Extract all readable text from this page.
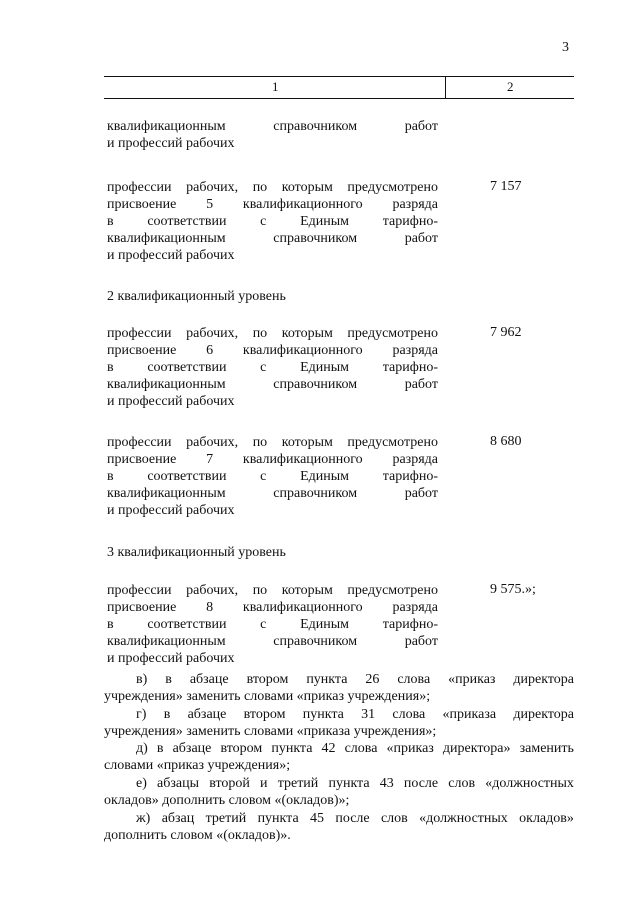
3
1	2
квалификационным	справочником	работ
и профессий рабочих
профессии рабочих, по которым предусмотрено
присвоение 5 квалификационного разряда
в соответствии с Единым тарифно-
квалификационным	справочником	работ
и профессий рабочих
7 157
2 квалификационный уровень
профессии рабочих, по которым предусмотрено
присвоение 6 квалификационного разряда
в соответствии с Единым тарифно-
квалификационным	справочником	работ
и профессий рабочих
7 962
профессии рабочих, по которым предусмотрено
присвоение 7 квалификационного разряда
в соответствии с Единым тарифно-
квалификационным	справочником	работ
и профессий рабочих
8 680
3 квалификационный уровень
профессии рабочих, по которым предусмотрено
присвоение 8 квалификационного разряда
в соответствии с Единым тарифно-
квалификационным	справочником	работ
и профессий рабочих
9 575.»;
в) в абзаце втором пункта 26 слова «приказ директора
учреждения» заменить словами «приказ учреждения»;
г) в абзаце втором пункта 31 слова «приказа директора
учреждения» заменить словами «приказа учреждения»;
д) в абзаце втором пункта 42 слова «приказ директора» заменить
словами «приказ учреждения»;
е) абзацы второй и третий пункта 43 после слов «должностных
окладов» дополнить словом «(окладов)»;
ж) абзац третий пункта 45 после слов «должностных окладов»
дополнить словом «(окладов)».
